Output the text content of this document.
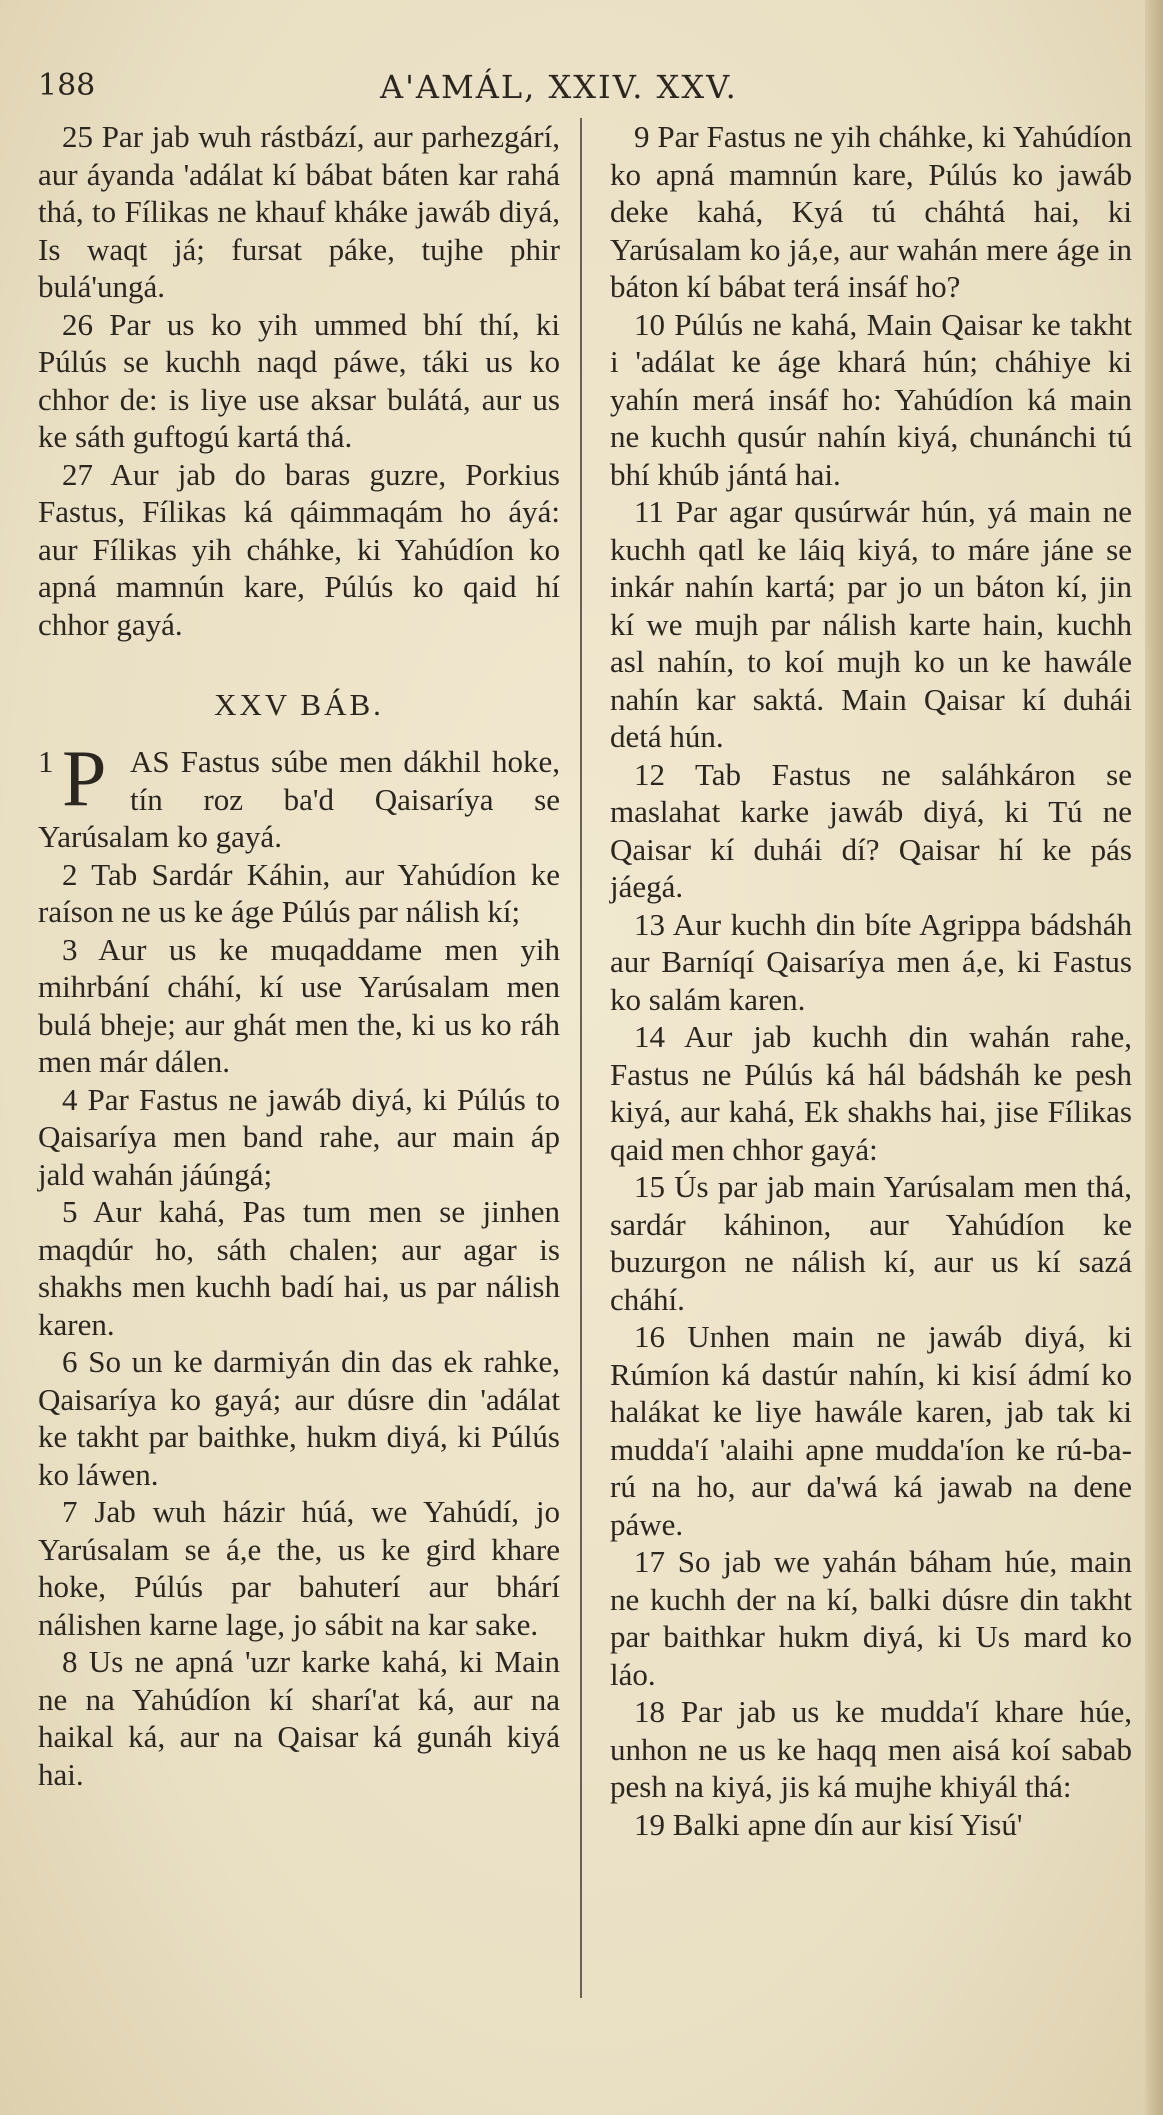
188	A'AMÁL, XXIV. XXV.

25 Par jab wuh rástbází, aur parhezgárí, aur áyanda 'adálat kí bábat báten kar rahá thá, to Fílikas ne khauf kháke jawáb diyá, Is waqt já; fursat páke, tujhe phir bulá'ungá.

26 Par us ko yih ummed bhí thí, ki Púlús se kuchh naqd páwe, táki us ko chhor de: is liye use aksar bulátá, aur us ke sáth guftogú kartá thá.

27 Aur jab do baras guzre, Porkius Fastus, Fílikas ká qáimmaqám ho áyá: aur Fílikas yih cháhke, ki Yahúdíon ko apná mamnún kare, Púlús ko qaid hí chhor gayá.

XXV BÁB.

1 P AS Fastus súbe men dákhil hoke, tín roz ba'd Qaisaríya se Yarúsalam ko gayá.

2 Tab Sardár Káhin, aur Yahúdíon ke raíson ne us ke áge Púlús par nálish kí;

3 Aur us ke muqaddame men yih mihrbání cháhí, kí use Yarúsalam men bulá bheje; aur ghát men the, ki us ko ráh men már dálen.

4 Par Fastus ne jawáb diyá, ki Púlús to Qaisaríya men band rahe, aur main áp jald wahán jáúngá;

5 Aur kahá, Pas tum men se jinhen maqdúr ho, sáth chalen; aur agar is shakhs men kuchh badí hai, us par nálish karen.

6 So un ke darmiyán din das ek rahke, Qaisaríya ko gayá; aur dúsre din 'adálat ke takht par baithke, hukm diyá, ki Púlús ko láwen.

7 Jab wuh házir húá, we Yahúdí, jo Yarúsalam se á,e the, us ke gird khare hoke, Púlús par bahuterí aur bhárí nálishen karne lage, jo sábit na kar sake.

8 Us ne apná 'uzr karke kahá, ki Main ne na Yahúdíon kí sharí'at ká, aur na haikal ká, aur na Qaisar ká gunáh kiyá hai.

9 Par Fastus ne yih cháhke, ki Yahúdíon ko apná mamnún kare, Púlús ko jawáb deke kahá, Kyá tú cháhtá hai, ki Yarúsalam ko já,e, aur wahán mere áge in báton kí bábat terá insáf ho?

10 Púlús ne kahá, Main Qaisar ke takht i 'adálat ke áge khará hún; cháhiye ki yahín merá insáf ho: Yahúdíon ká main ne kuchh qusúr nahín kiyá, chunánchi tú bhí khúb jántá hai.

11 Par agar qusúrwár hún, yá main ne kuchh qatl ke láiq kiyá, to máre jáne se inkár nahín kartá; par jo un báton kí, jin kí we mujh par nálish karte hain, kuchh asl nahín, to koí mujh ko un ke hawále nahín kar saktá. Main Qaisar kí duhái detá hún.

12 Tab Fastus ne saláhkáron se maslahat karke jawáb diyá, ki Tú ne Qaisar kí duhái dí? Qaisar hí ke pás jáegá.

13 Aur kuchh din bíte Agrippa bádsháh aur Barníqí Qaisaríya men á,e, ki Fastus ko salám karen.

14 Aur jab kuchh din wahán rahe, Fastus ne Púlús ká hál bádsháh ke pesh kiyá, aur kahá, Ek shakhs hai, jise Fílikas qaid men chhor gayá:

15 Ús par jab main Yarúsalam men thá, sardár káhinon, aur Yahúdíon ke buzurgon ne nálish kí, aur us kí sazá cháhí.

16 Unhen main ne jawáb diyá, ki Rúmíon ká dastúr nahín, ki kisí ádmí ko halákat ke liye hawále karen, jab tak ki mudda'í 'alaihi apne mudda'íon ke rú-ba-rú na ho, aur da'wá ká jawab na dene páwe.

17 So jab we yahán báham húe, main ne kuchh der na kí, balki dúsre din takht par baithkar hukm diyá, ki Us mard ko láo.

18 Par jab us ke mudda'í khare húe, unhon ne us ke haqq men aisá koí sabab pesh na kiyá, jis ká mujhe khiyál thá:

19 Balki apne dín aur kisí Yisú'
